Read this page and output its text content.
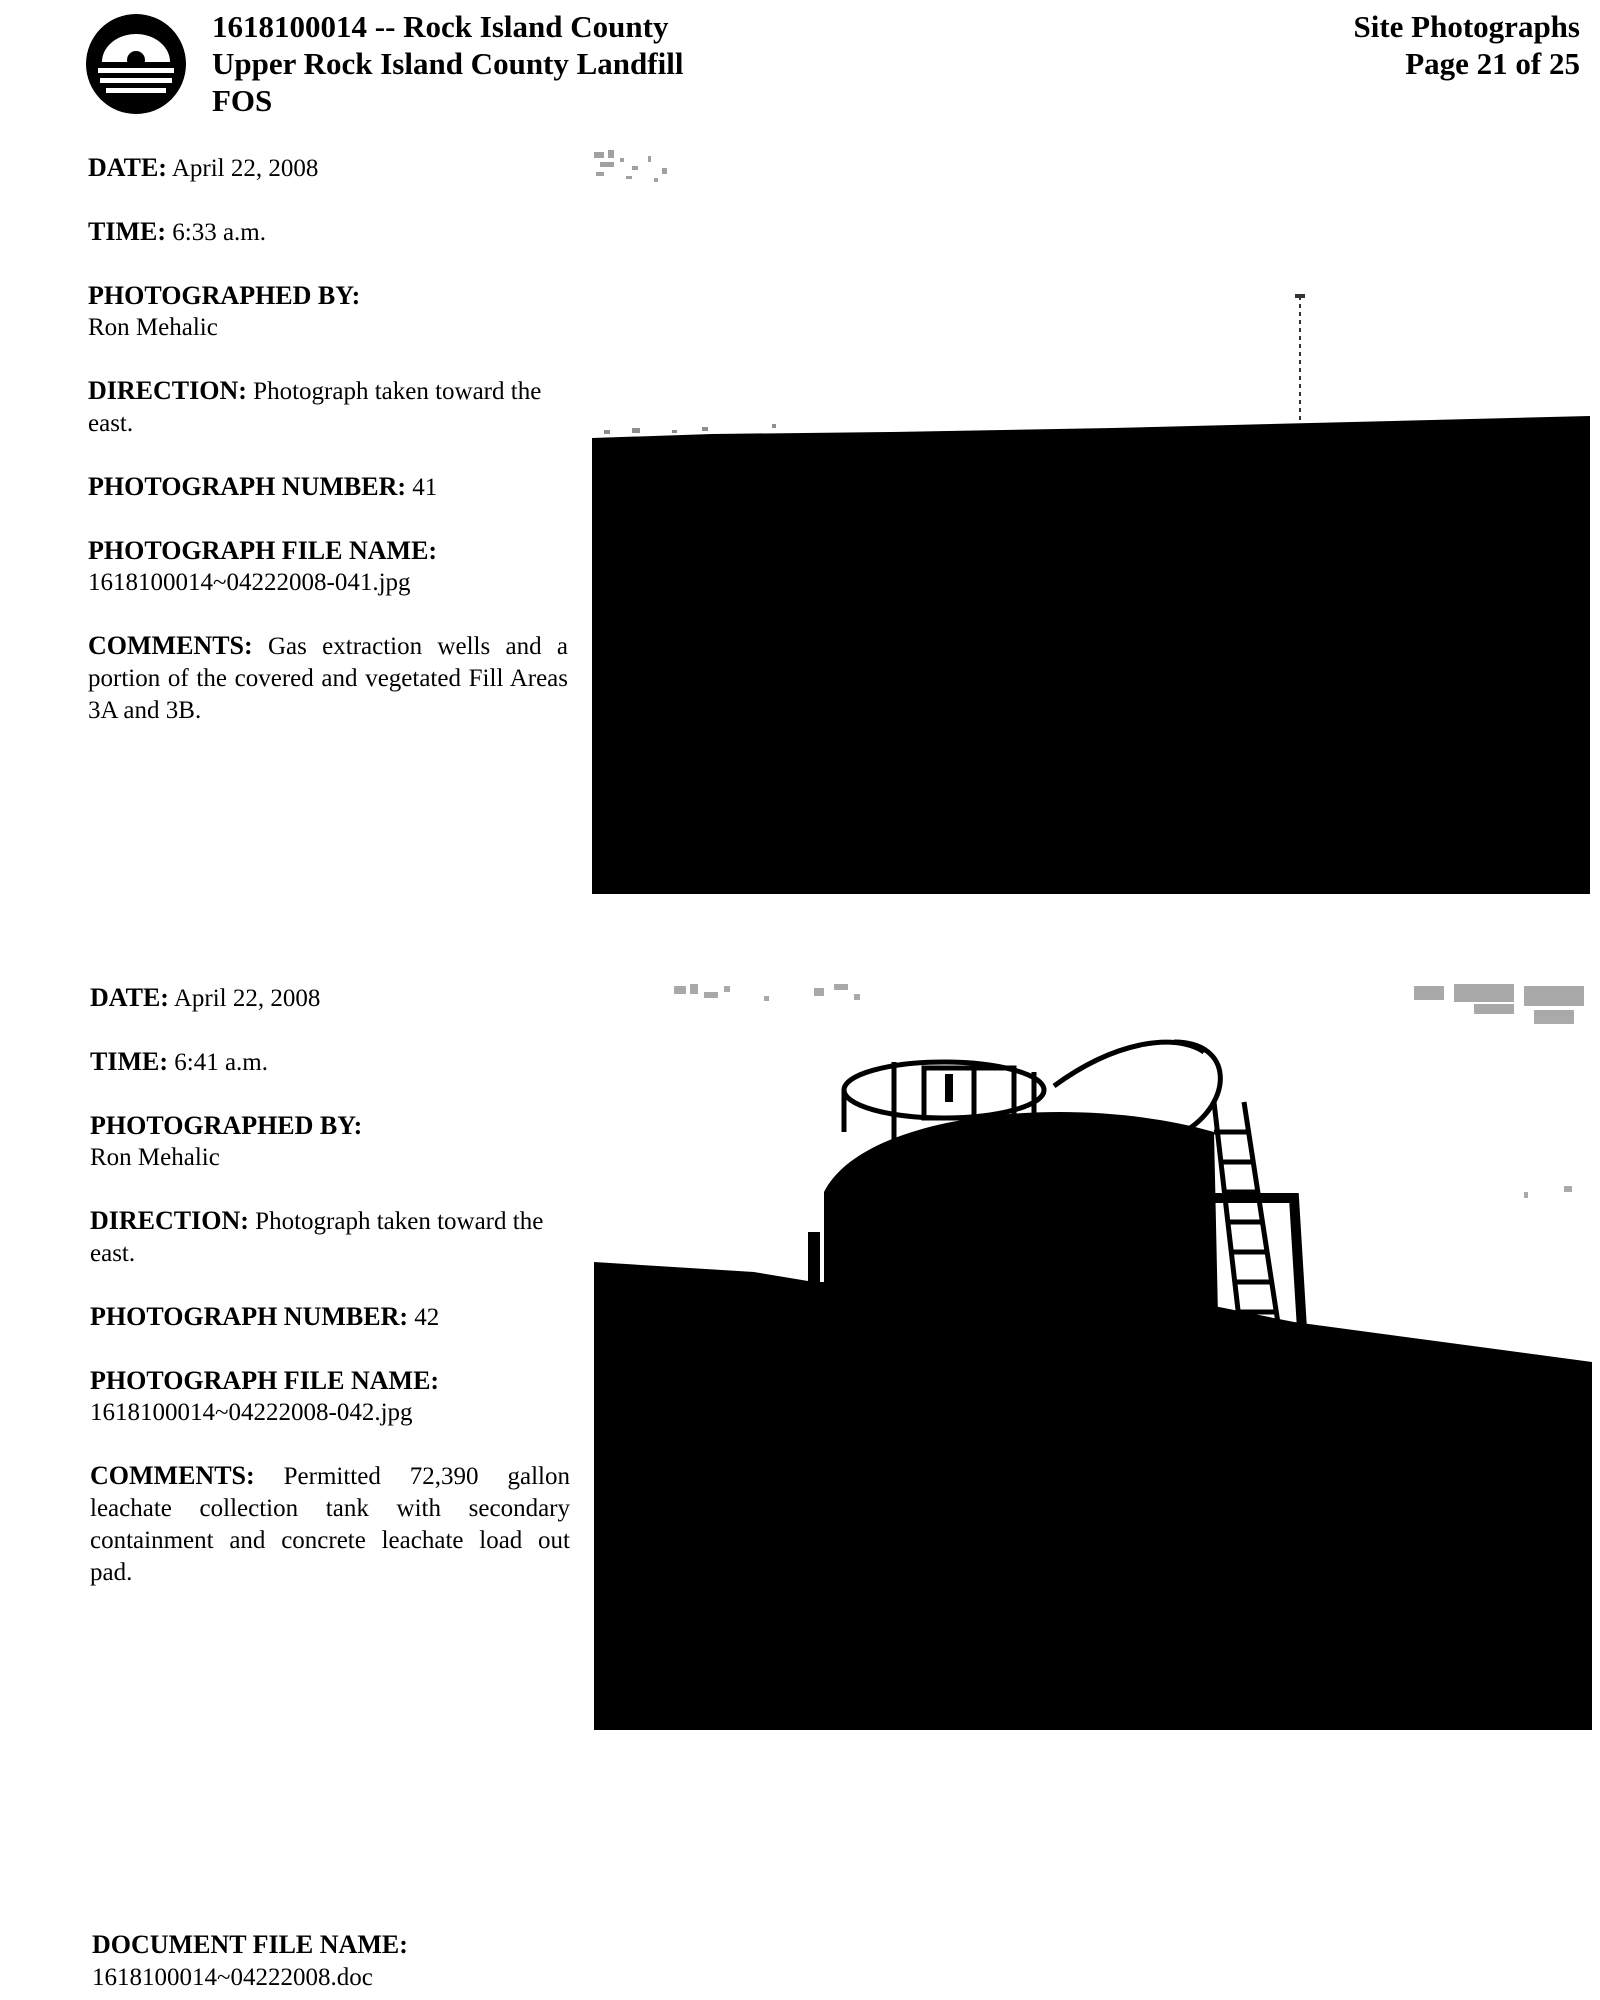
1618100014 -- Rock Island County
Upper Rock Island County Landfill
FOS
Site Photographs
Page 21 of 25
DATE: April 22, 2008
TIME: 6:33 a.m.
PHOTOGRAPHED BY:
Ron Mehalic
DIRECTION: Photograph taken toward the east.
PHOTOGRAPH NUMBER: 41
PHOTOGRAPH FILE NAME:
1618100014~04222008-041.jpg
COMMENTS: Gas extraction wells and a portion of the covered and vegetated Fill Areas 3A and 3B.
DATE: April 22, 2008
TIME: 6:41 a.m.
PHOTOGRAPHED BY:
Ron Mehalic
DIRECTION: Photograph taken toward the east.
PHOTOGRAPH NUMBER: 42
PHOTOGRAPH FILE NAME:
1618100014~04222008-042.jpg
COMMENTS: Permitted 72,390 gallon leachate collection tank with secondary containment and concrete leachate load out pad.
DOCUMENT FILE NAME:
1618100014~04222008.doc
